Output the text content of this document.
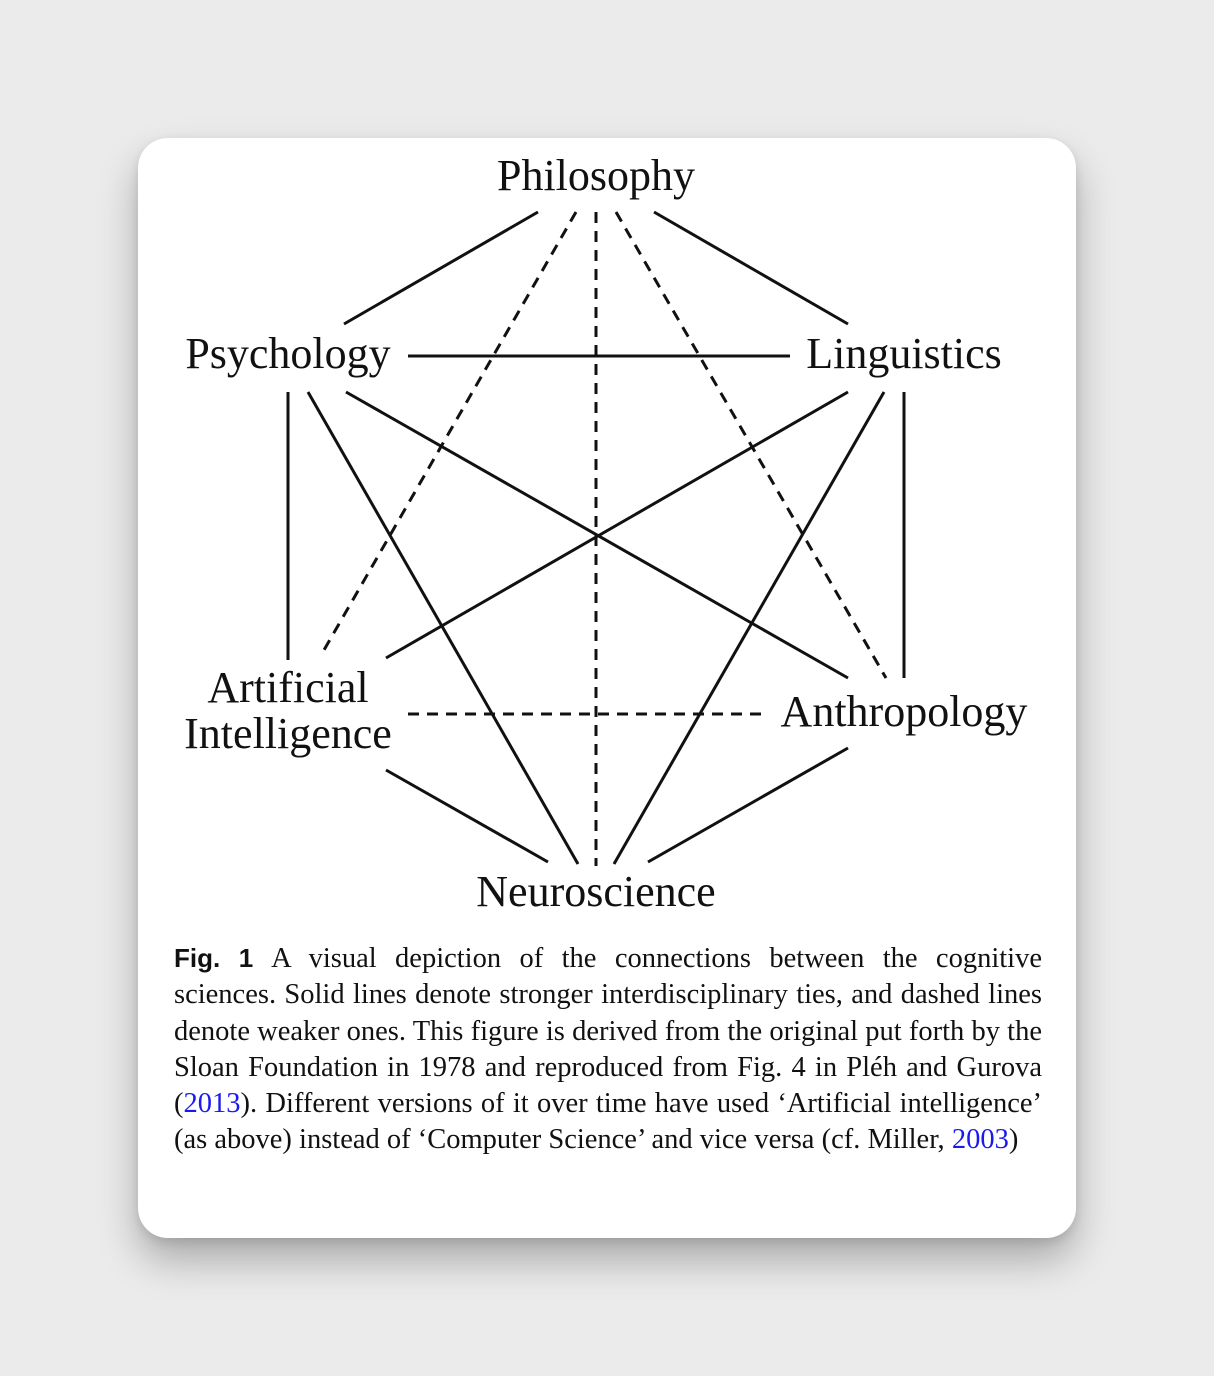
Philosophy
Psychology	Linguistics
Artificial Intelligence	Anthropology
Neuroscience
Fig. 1 A visual depiction of the connections between the cognitive sciences. Solid lines denote stronger interdisciplinary ties, and dashed lines denote weaker ones. This figure is derived from the original put forth by the Sloan Foundation in 1978 and reproduced from Fig. 4 in Pléh and Gurova (2013). Different versions of it over time have used ‘Artificial intelligence’ (as above) instead of ‘Computer Science’ and vice versa (cf. Miller, 2003)
